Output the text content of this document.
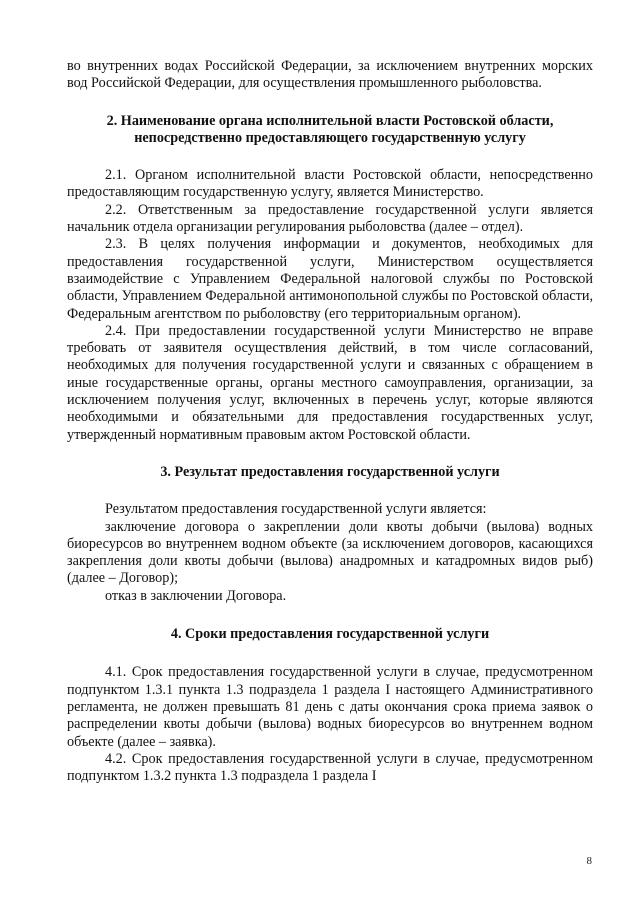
во внутренних водах Российской Федерации, за исключением внутренних морских вод Российской Федерации, для осуществления промышленного рыболовства.

2. Наименование органа исполнительной власти Ростовской области, непосредственно предоставляющего государственную услугу

2.1. Органом исполнительной власти Ростовской области, непосредственно предоставляющим государственную услугу, является Министерство.

2.2. Ответственным за предоставление государственной услуги является начальник отдела организации регулирования рыболовства (далее – отдел).

2.3. В целях получения информации и документов, необходимых для предоставления государственной услуги, Министерством осуществляется взаимодействие с Управлением Федеральной налоговой службы по Ростовской области, Управлением Федеральной антимонопольной службы по Ростовской области, Федеральным агентством по рыболовству (его территориальным органом).

2.4. При предоставлении государственной услуги Министерство не вправе требовать от заявителя осуществления действий, в том числе согласований, необходимых для получения государственной услуги и связанных с обращением в иные государственные органы, органы местного самоуправления, организации, за исключением получения услуг, включенных в перечень услуг, которые являются необходимыми и обязательными для предоставления государственных услуг, утвержденный нормативным правовым актом Ростовской области.

3. Результат предоставления государственной услуги

Результатом предоставления государственной услуги является:

заключение договора о закреплении доли квоты добычи (вылова) водных биоресурсов во внутреннем водном объекте (за исключением договоров, касающихся закрепления доли квоты добычи (вылова) анадромных и катадромных видов рыб) (далее – Договор);

отказ в заключении Договора.

4. Сроки предоставления государственной услуги

4.1. Срок предоставления государственной услуги в случае, предусмотренном подпунктом 1.3.1 пункта 1.3 подраздела 1 раздела I настоящего Административного регламента, не должен превышать 81 день с даты окончания срока приема заявок о распределении квоты добычи (вылова) водных биоресурсов во внутреннем водном объекте (далее – заявка).

4.2. Срок предоставления государственной услуги в случае, предусмотренном подпунктом 1.3.2 пункта 1.3 подраздела 1 раздела I

8
